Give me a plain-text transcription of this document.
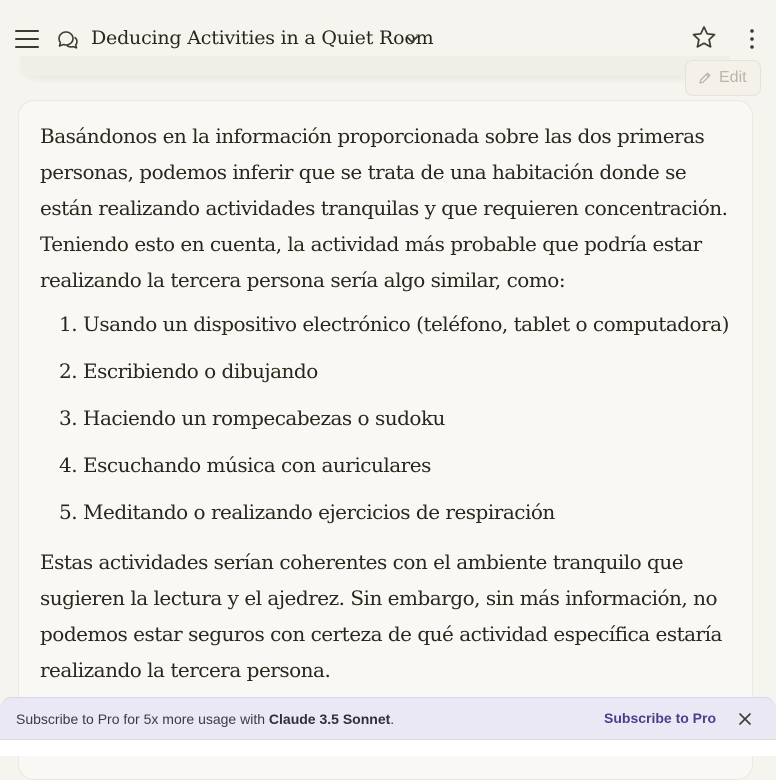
Deducing Activities in a Quiet Room
Edit

Basándonos en la información proporcionada sobre las dos primeras personas, podemos inferir que se trata de una habitación donde se están realizando actividades tranquilas y que requieren concentración. Teniendo esto en cuenta, la actividad más probable que podría estar realizando la tercera persona sería algo similar, como:

1. Usando un dispositivo electrónico (teléfono, tablet o computadora)
2. Escribiendo o dibujando
3. Haciendo un rompecabezas o sudoku
4. Escuchando música con auriculares
5. Meditando o realizando ejercicios de respiración

Estas actividades serían coherentes con el ambiente tranquilo que sugieren la lectura y el ajedrez. Sin embargo, sin más información, no podemos estar seguros con certeza de qué actividad específica estaría realizando la tercera persona.

Subscribe to Pro for 5x more usage with Claude 3.5 Sonnet.	Subscribe to Pro
